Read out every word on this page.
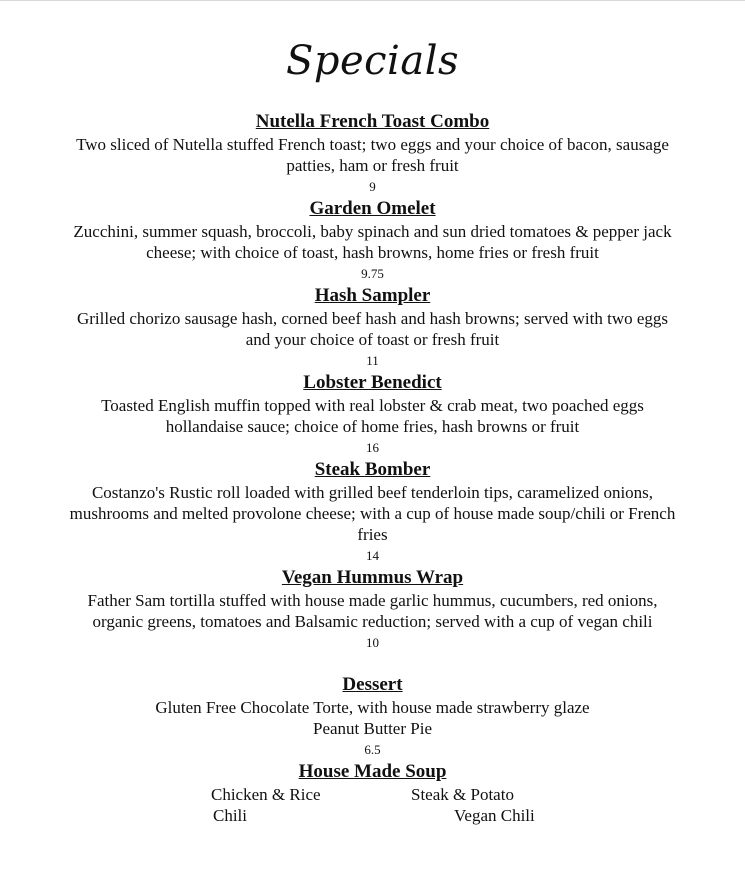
Specials

Nutella French Toast Combo

Two sliced of Nutella stuffed French toast; two eggs and your choice of bacon, sausage patties, ham or fresh fruit

9

Garden Omelet

Zucchini, summer squash, broccoli, baby spinach and sun dried tomatoes & pepper jack cheese; with choice of toast, hash browns, home fries or fresh fruit

9.75

Hash Sampler

Grilled chorizo sausage hash, corned beef hash and hash browns; served with two eggs and your choice of toast or fresh fruit

11

Lobster Benedict

Toasted English muffin topped with real lobster & crab meat, two poached eggs hollandaise sauce; choice of home fries, hash browns or fruit

16

Steak Bomber

Costanzo's Rustic roll loaded with grilled beef tenderloin tips, caramelized onions, mushrooms and melted provolone cheese; with a cup of house made soup/chili or French fries

14

Vegan Hummus Wrap

Father Sam tortilla stuffed with house made garlic hummus, cucumbers, red onions, organic greens, tomatoes and Balsamic reduction; served with a cup of vegan chili

10

Dessert

Gluten Free Chocolate Torte, with house made strawberry glaze

Peanut Butter Pie

6.5

House Made Soup

Chicken & Rice	Steak & Potato
Chili	Vegan Chili
